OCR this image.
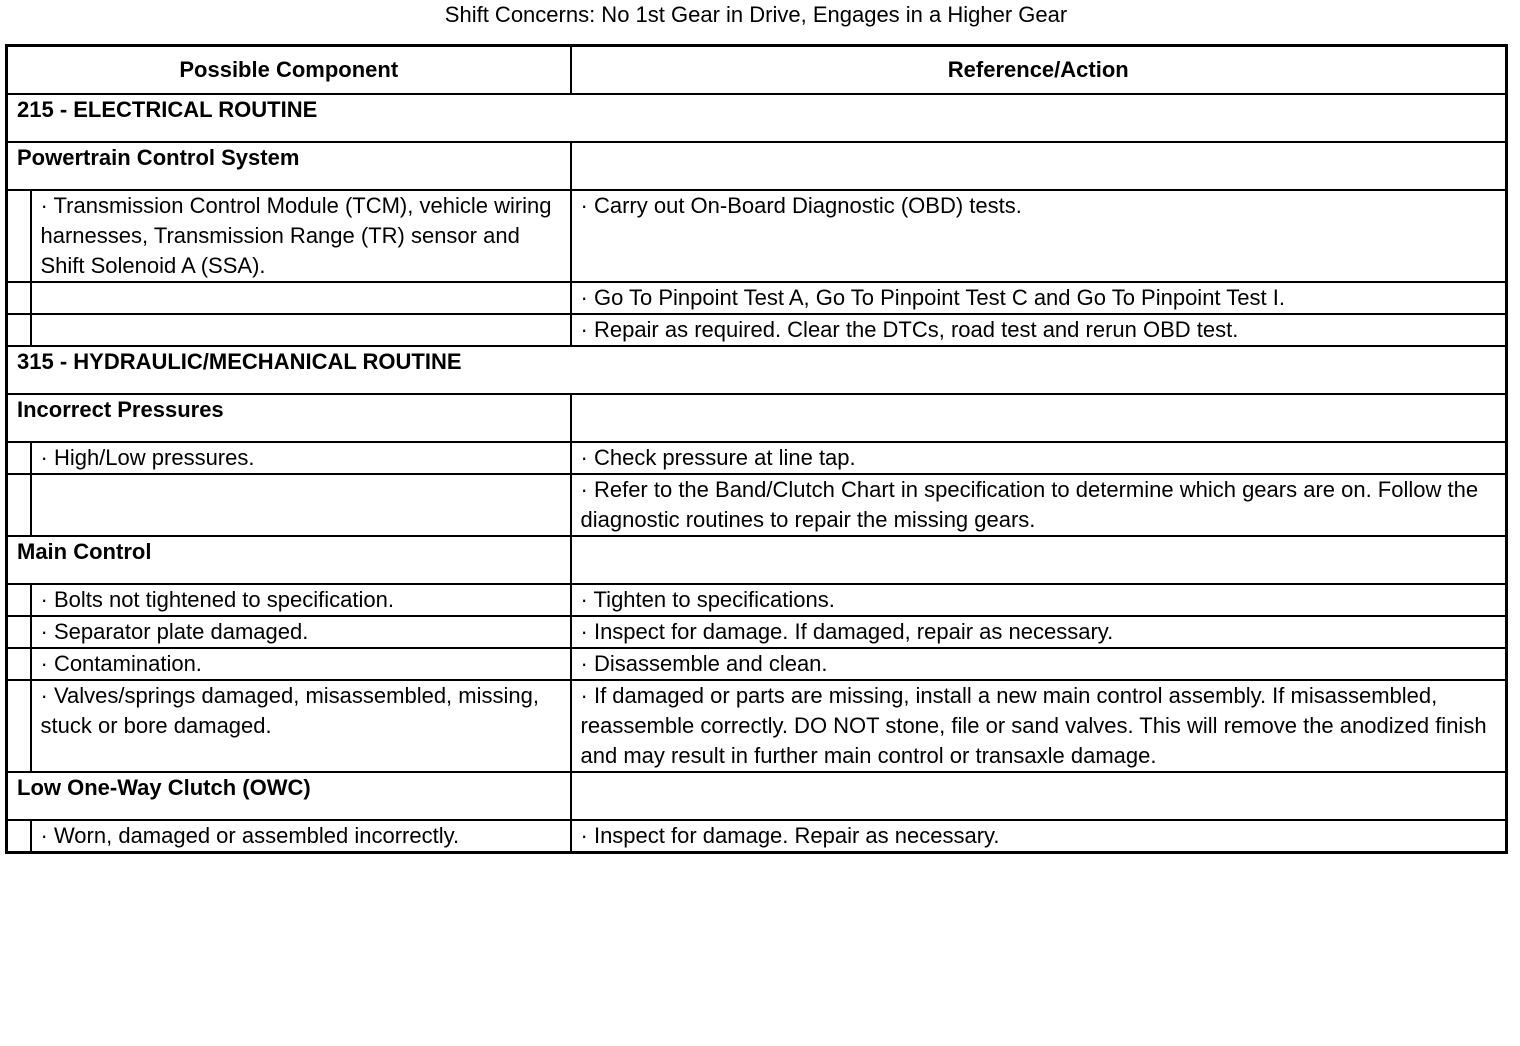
Shift Concerns: No 1st Gear in Drive, Engages in a Higher Gear
Possible Component		Reference/Action
215 - ELECTRICAL ROUTINE		
Powertrain Control System		
	· Transmission Control Module (TCM), vehicle wiring harnesses, Transmission Range (TR) sensor and Shift Solenoid A (SSA).	· Carry out On-Board Diagnostic (OBD) tests.
		· Go To Pinpoint Test A, Go To Pinpoint Test C and Go To Pinpoint Test I.
		· Repair as required. Clear the DTCs, road test and rerun OBD test.
315 - HYDRAULIC/MECHANICAL ROUTINE		
Incorrect Pressures		
	· High/Low pressures.	· Check pressure at line tap.
		· Refer to the Band/Clutch Chart in specification to determine which gears are on. Follow the diagnostic routines to repair the missing gears.
Main Control		
	· Bolts not tightened to specification.	· Tighten to specifications.
	· Separator plate damaged.	· Inspect for damage. If damaged, repair as necessary.
	· Contamination.	· Disassemble and clean.
	· Valves/springs damaged, misassembled, missing, stuck or bore damaged.	· If damaged or parts are missing, install a new main control assembly. If misassembled, reassemble correctly. DO NOT stone, file or sand valves. This will remove the anodized finish and may result in further main control or transaxle damage.
Low One-Way Clutch (OWC)		
	· Worn, damaged or assembled incorrectly.	· Inspect for damage. Repair as necessary.
